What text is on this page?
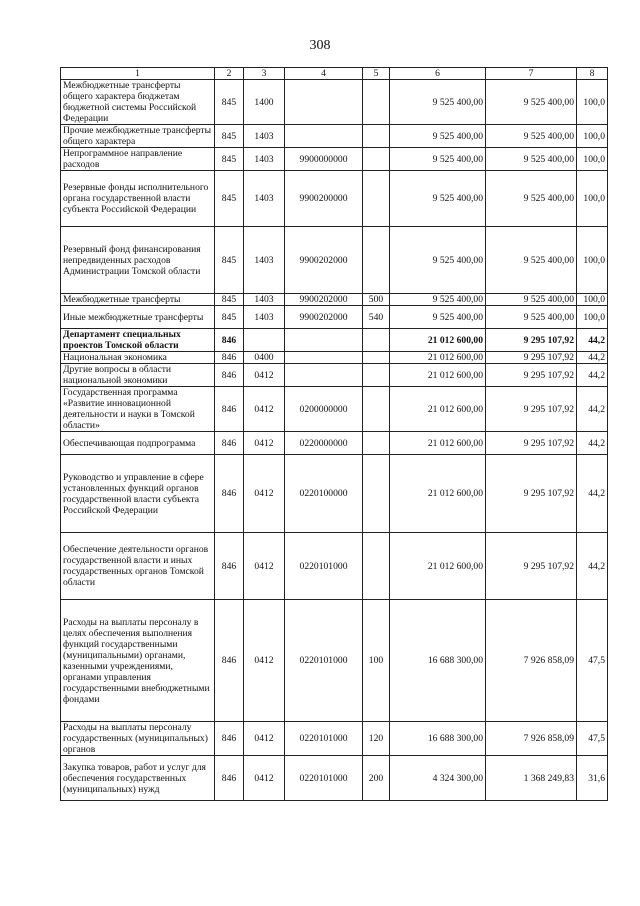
308
1	2	3	4	5	6	7	8
Межбюджетные трансферты общего характера бюджетам бюджетной системы Российской Федерации	845	1400			9 525 400,00	9 525 400,00	100,0
Прочие межбюджетные трансферты общего характера	845	1403			9 525 400,00	9 525 400,00	100,0
Непрограммное направление расходов	845	1403	9900000000		9 525 400,00	9 525 400,00	100,0
Резервные фонды исполнительного органа государственной власти субъекта Российской Федерации	845	1403	9900200000		9 525 400,00	9 525 400,00	100,0
Резервный фонд финансирования непредвиденных расходов Администрации Томской области	845	1403	9900202000		9 525 400,00	9 525 400,00	100,0
Межбюджетные трансферты	845	1403	9900202000	500	9 525 400,00	9 525 400,00	100,0
Иные межбюджетные трансферты	845	1403	9900202000	540	9 525 400,00	9 525 400,00	100,0
Департамент специальных проектов Томской области	846				21 012 600,00	9 295 107,92	44,2
Национальная экономика	846	0400			21 012 600,00	9 295 107,92	44,2
Другие вопросы в области национальной экономики	846	0412			21 012 600,00	9 295 107,92	44,2
Государственная программа «Развитие инновационной деятельности и науки в Томской области»	846	0412	0200000000		21 012 600,00	9 295 107,92	44,2
Обеспечивающая подпрограмма	846	0412	0220000000		21 012 600,00	9 295 107,92	44,2
Руководство и управление в сфере установленных функций органов государственной власти субъекта Российской Федерации	846	0412	0220100000		21 012 600,00	9 295 107,92	44,2
Обеспечение деятельности органов государственной власти и иных государственных органов Томской области	846	0412	0220101000		21 012 600,00	9 295 107,92	44,2
Расходы на выплаты персоналу в целях обеспечения выполнения функций государственными (муниципальными) органами, казенными учреждениями, органами управления государственными внебюджетными фондами	846	0412	0220101000	100	16 688 300,00	7 926 858,09	47,5
Расходы на выплаты персоналу государственных (муниципальных) органов	846	0412	0220101000	120	16 688 300,00	7 926 858,09	47,5
Закупка товаров, работ и услуг для обеспечения государственных (муниципальных) нужд	846	0412	0220101000	200	4 324 300,00	1 368 249,83	31,6
